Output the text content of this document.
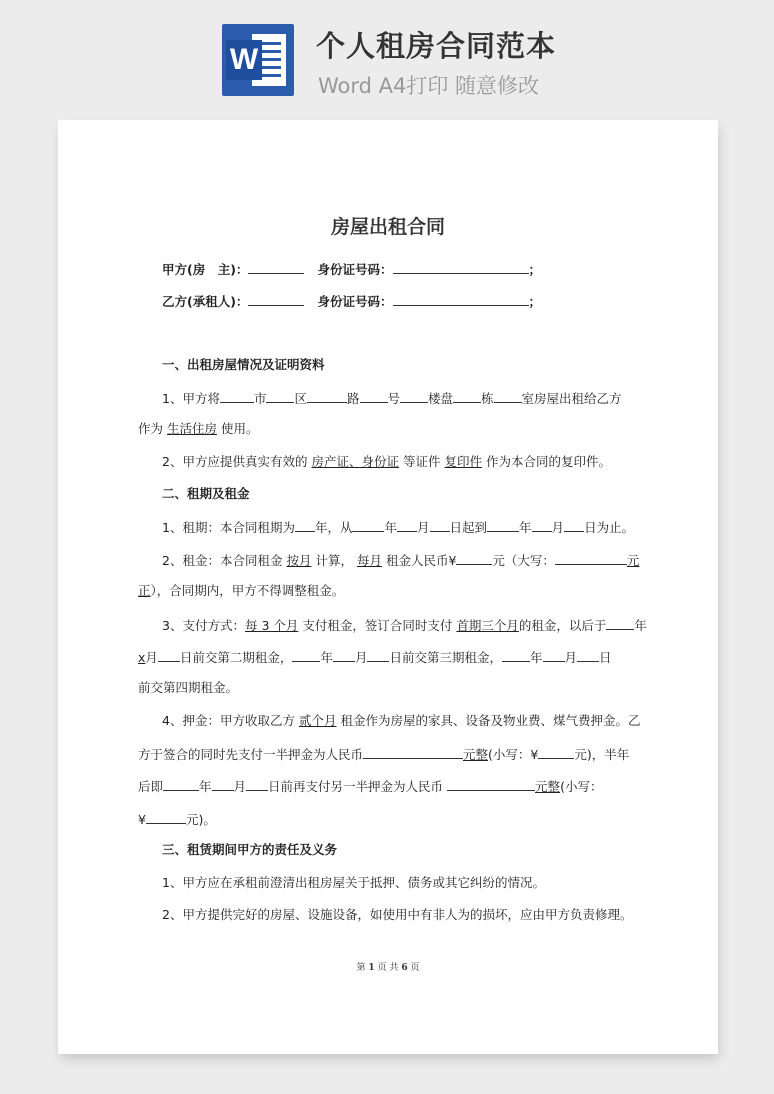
W 个人租房合同范本
Word A4打印 随意修改
房屋出租合同
甲方(房　主)：	身份证号码：	；
乙方(承租人)：	身份证号码：	；
一、出租房屋情况及证明资料
1、甲方将	市 区	路 号 楼盘 栋 室房屋出租给乙方
作为 生活住房 使用。
2、甲方应提供真实有效的 房产证、身份证 等证件 复印件 作为本合同的复印件。
二、租期及租金
1、租期：本合同租期为 年，从	年 月 日起到	年 月 日为止。
2、租金：本合同租金 按月 计算， 每月 租金人民币¥	元（大写：	元
正），合同期内，甲方不得调整租金。
3、支付方式：每 3 个月 支付租金，签订合同时支付 首期三个月的租金，以后于 年
x月 日前交第二期租金， 年 月 日前交第三期租金， 年 月 日
前交第四期租金。
4、押金：甲方收取乙方 贰个月 租金作为房屋的家具、设备及物业费、煤气费押金。乙
方于签合的同时先支付一半押金为人民币	元整(小写：¥	元)，半年
后即	年 月 日前再支付另一半押金为人民币	元整(小写：
¥	元)。
三、租赁期间甲方的责任及义务
1、甲方应在承租前澄清出租房屋关于抵押、债务或其它纠纷的情况。
2、甲方提供完好的房屋、设施设备，如使用中有非人为的损坏，应由甲方负责修理。
第 1 页 共 6 页
